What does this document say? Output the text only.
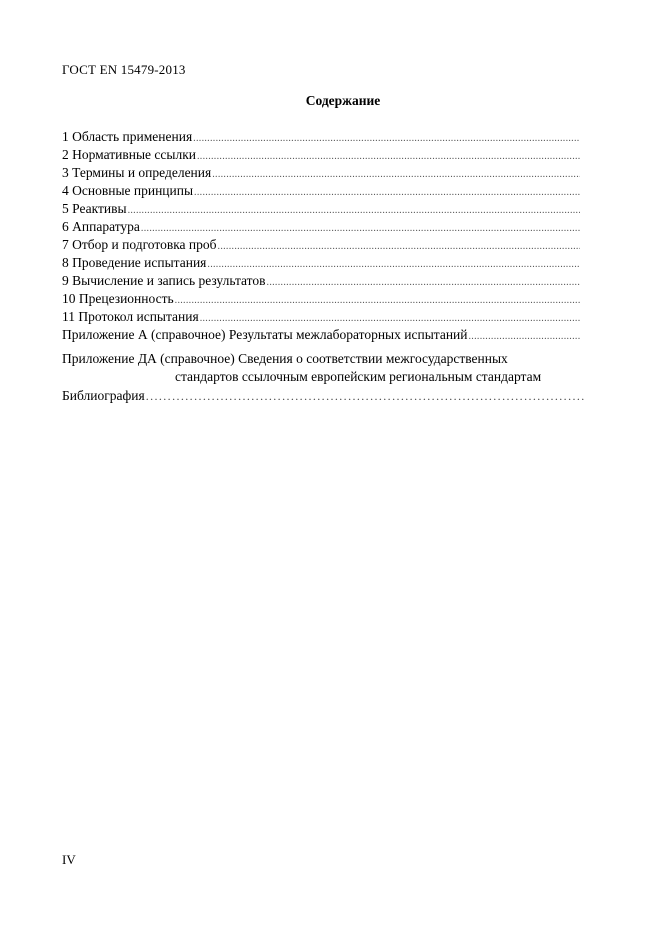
ГОСТ EN 15479-2013
Содержание
1 Область применения
.....
2 Нормативные ссылки
.....
3 Термины и определения
.....
4 Основные принципы
.....
5 Реактивы
.....
6 Аппаратура
.....
7 Отбор и подготовка проб
.....
8 Проведение испытания
.....
9 Вычисление и запись результатов
.....
10 Прецезионность
.....
11 Протокол испытания
.....
Приложение А (справочное) Результаты межлабораторных испытаний
.....
Приложение ДА (справочное) Сведения о соответствии межгосударственных
стандартов ссылочным европейским региональным стандартам
Библиография
.....
IV
